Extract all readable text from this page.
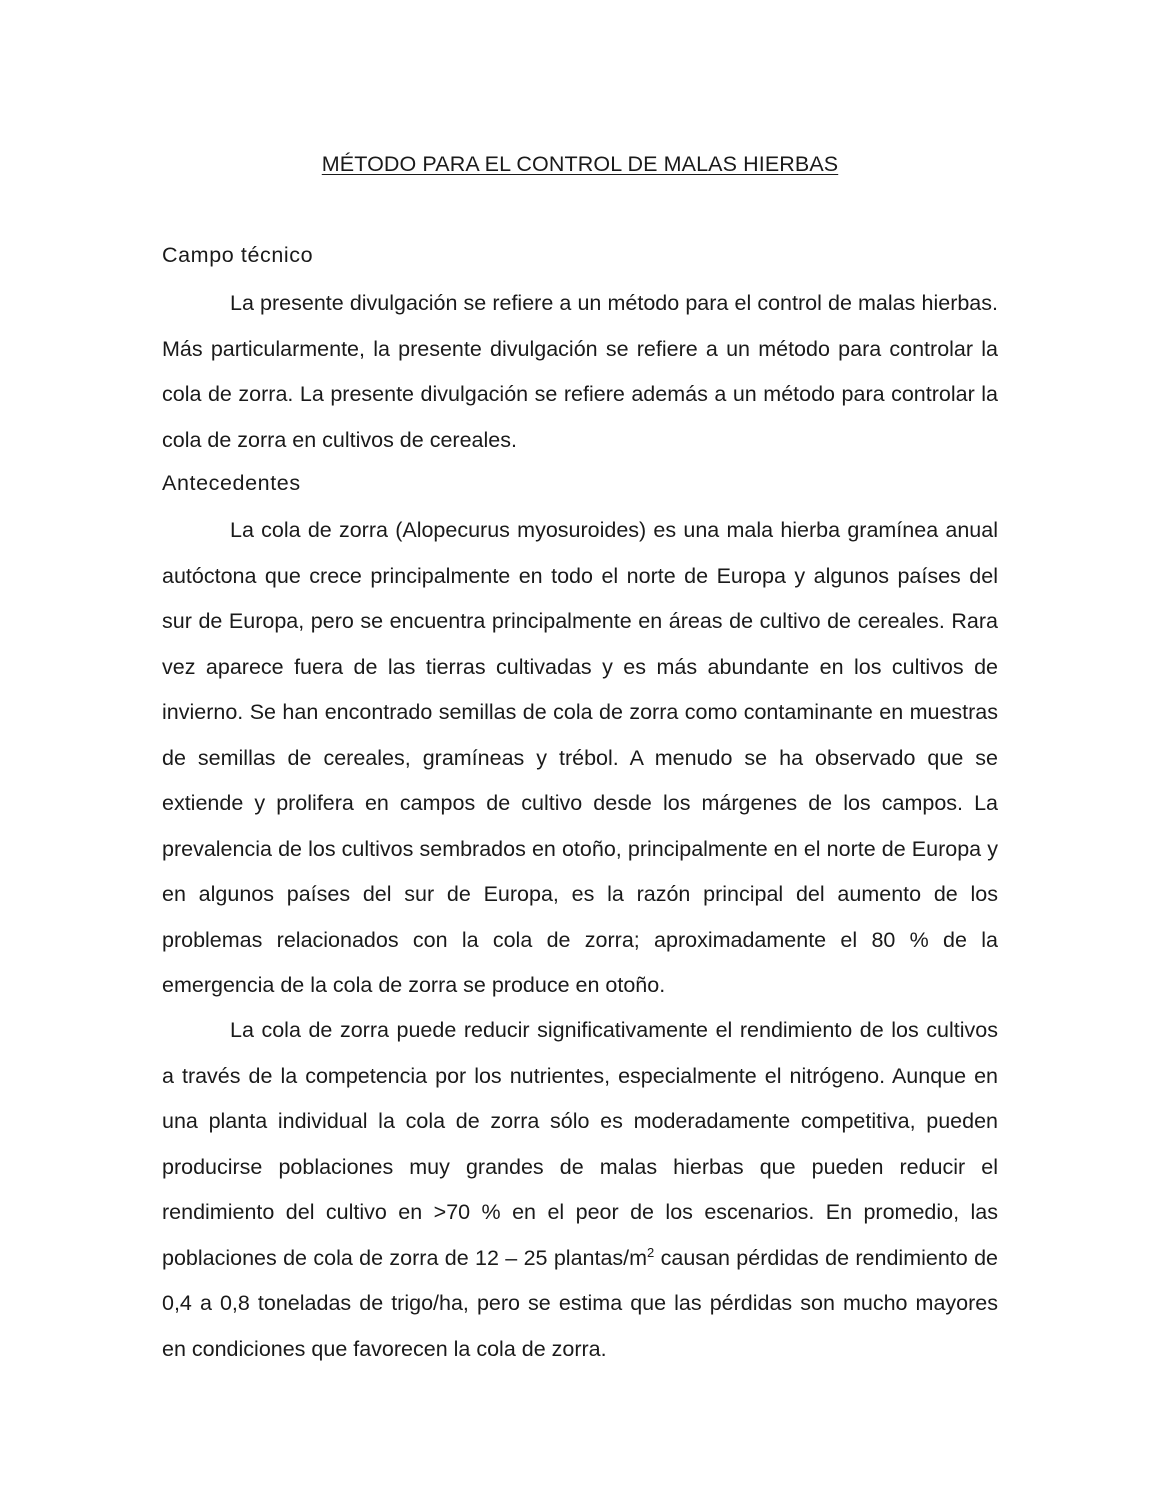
MÉTODO PARA EL CONTROL DE MALAS HIERBAS
Campo técnico
La presente divulgación se refiere a un método para el control de malas hierbas. Más particularmente, la presente divulgación se refiere a un método para controlar la cola de zorra. La presente divulgación se refiere además a un método para controlar la cola de zorra en cultivos de cereales.
Antecedentes
La cola de zorra (Alopecurus myosuroides) es una mala hierba gramínea anual autóctona que crece principalmente en todo el norte de Europa y algunos países del sur de Europa, pero se encuentra principalmente en áreas de cultivo de cereales. Rara vez aparece fuera de las tierras cultivadas y es más abundante en los cultivos de invierno. Se han encontrado semillas de cola de zorra como contaminante en muestras de semillas de cereales, gramíneas y trébol. A menudo se ha observado que se extiende y prolifera en campos de cultivo desde los márgenes de los campos. La prevalencia de los cultivos sembrados en otoño, principalmente en el norte de Europa y en algunos países del sur de Europa, es la razón principal del aumento de los problemas relacionados con la cola de zorra; aproximadamente el 80 % de la emergencia de la cola de zorra se produce en otoño.
La cola de zorra puede reducir significativamente el rendimiento de los cultivos a través de la competencia por los nutrientes, especialmente el nitrógeno. Aunque en una planta individual la cola de zorra sólo es moderadamente competitiva, pueden producirse poblaciones muy grandes de malas hierbas que pueden reducir el rendimiento del cultivo en >70 % en el peor de los escenarios. En promedio, las poblaciones de cola de zorra de 12 – 25 plantas/$m^2$ causan pérdidas de rendimiento de 0,4 a 0,8 toneladas de trigo/ha, pero se estima que las pérdidas son mucho mayores en condiciones que favorecen la cola de zorra.
